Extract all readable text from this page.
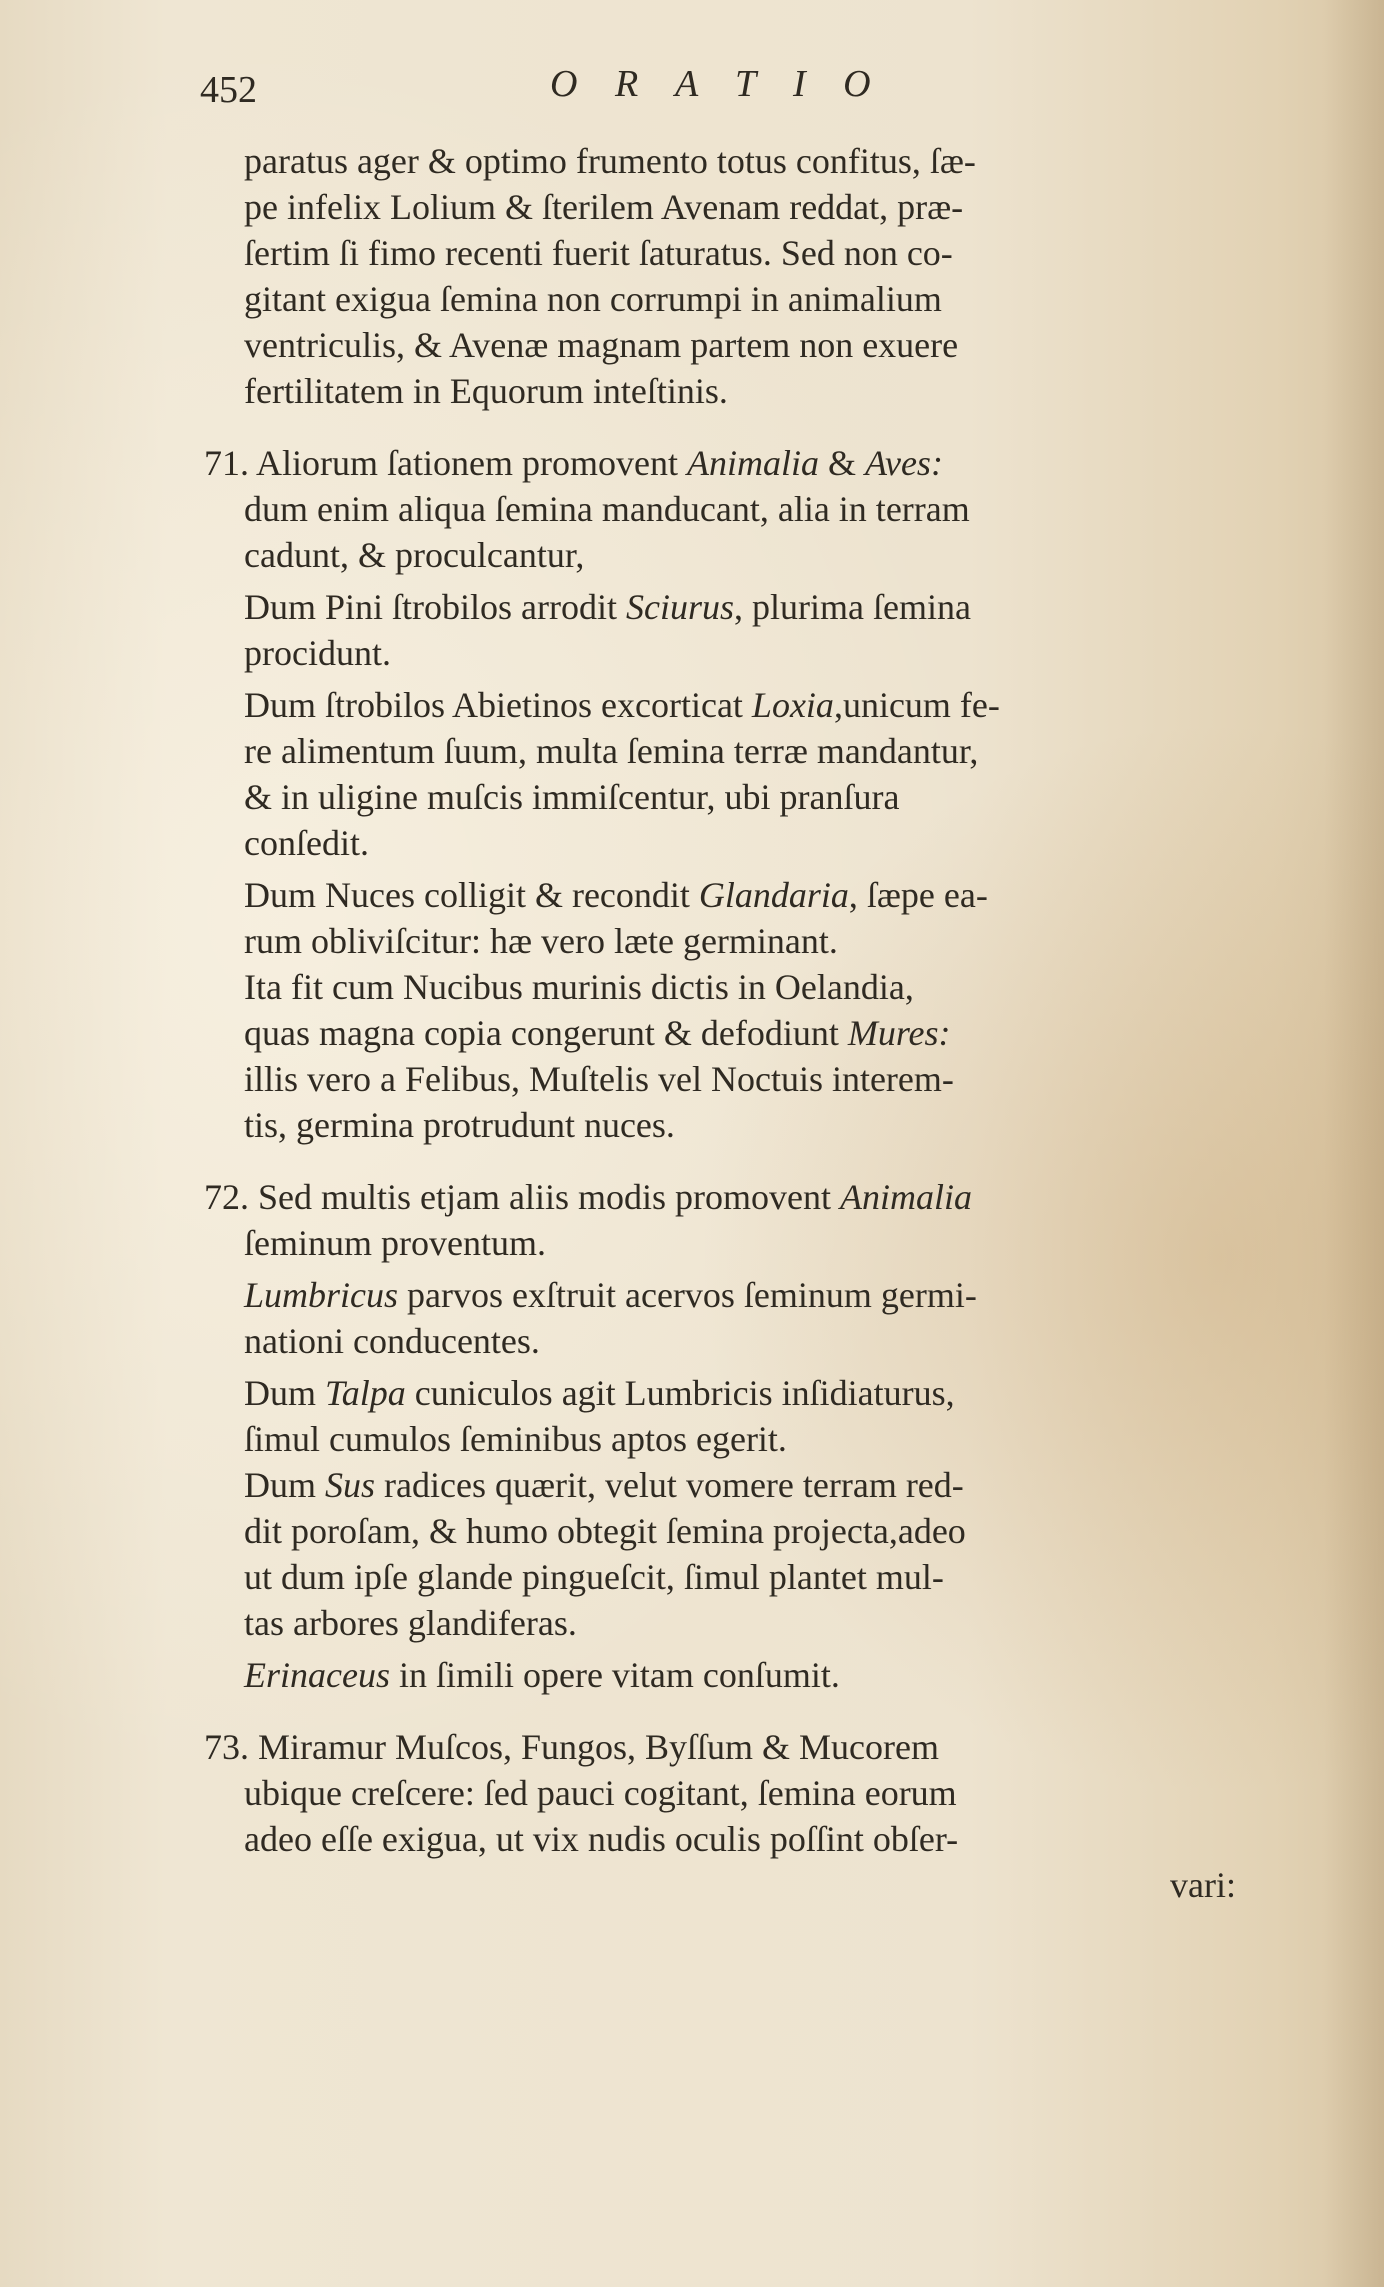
452	O R A T I O
paratus ager & optimo frumento totus confitus, ſæ-
pe infelix Lolium & ſterilem Avenam reddat, præ-
ſertim ſi fimo recenti fuerit ſaturatus. Sed non co-
gitant exigua ſemina non corrumpi in animalium
ventriculis, & Avenæ magnam partem non exuere
fertilitatem in Equorum inteſtinis.
71. Aliorum ſationem promovent Animalia & Aves:
dum enim aliqua ſemina manducant, alia in terram
cadunt, & proculcantur,
Dum Pini ſtrobilos arrodit Sciurus, plurima ſemina
procidunt.
Dum ſtrobilos Abietinos excorticat Loxia,unicum fe-
re alimentum ſuum, multa ſemina terræ mandantur,
& in uligine muſcis immiſcentur, ubi pranſura
conſedit.
Dum Nuces colligit & recondit Glandaria, ſæpe ea-
rum obliviſcitur: hæ vero læte germinant.
Ita fit cum Nucibus murinis dictis in Oelandia,
quas magna copia congerunt & defodiunt Mures:
illis vero a Felibus, Muſtelis vel Noctuis interem-
tis, germina protrudunt nuces.
72. Sed multis etjam aliis modis promovent Animalia
ſeminum proventum.
Lumbricus parvos exſtruit acervos ſeminum germi-
nationi conducentes.
Dum Talpa cuniculos agit Lumbricis inſidiaturus,
ſimul cumulos ſeminibus aptos egerit.
Dum Sus radices quærit, velut vomere terram red-
dit poroſam, & humo obtegit ſemina projecta,adeo
ut dum ipſe glande pingueſcit, ſimul plantet mul-
tas arbores glandiferas.
Erinaceus in ſimili opere vitam conſumit.
73. Miramur Muſcos, Fungos, Byſſum & Mucorem
ubique creſcere: ſed pauci cogitant, ſemina eorum
adeo eſſe exigua, ut vix nudis oculis poſſint obſer-
vari:
